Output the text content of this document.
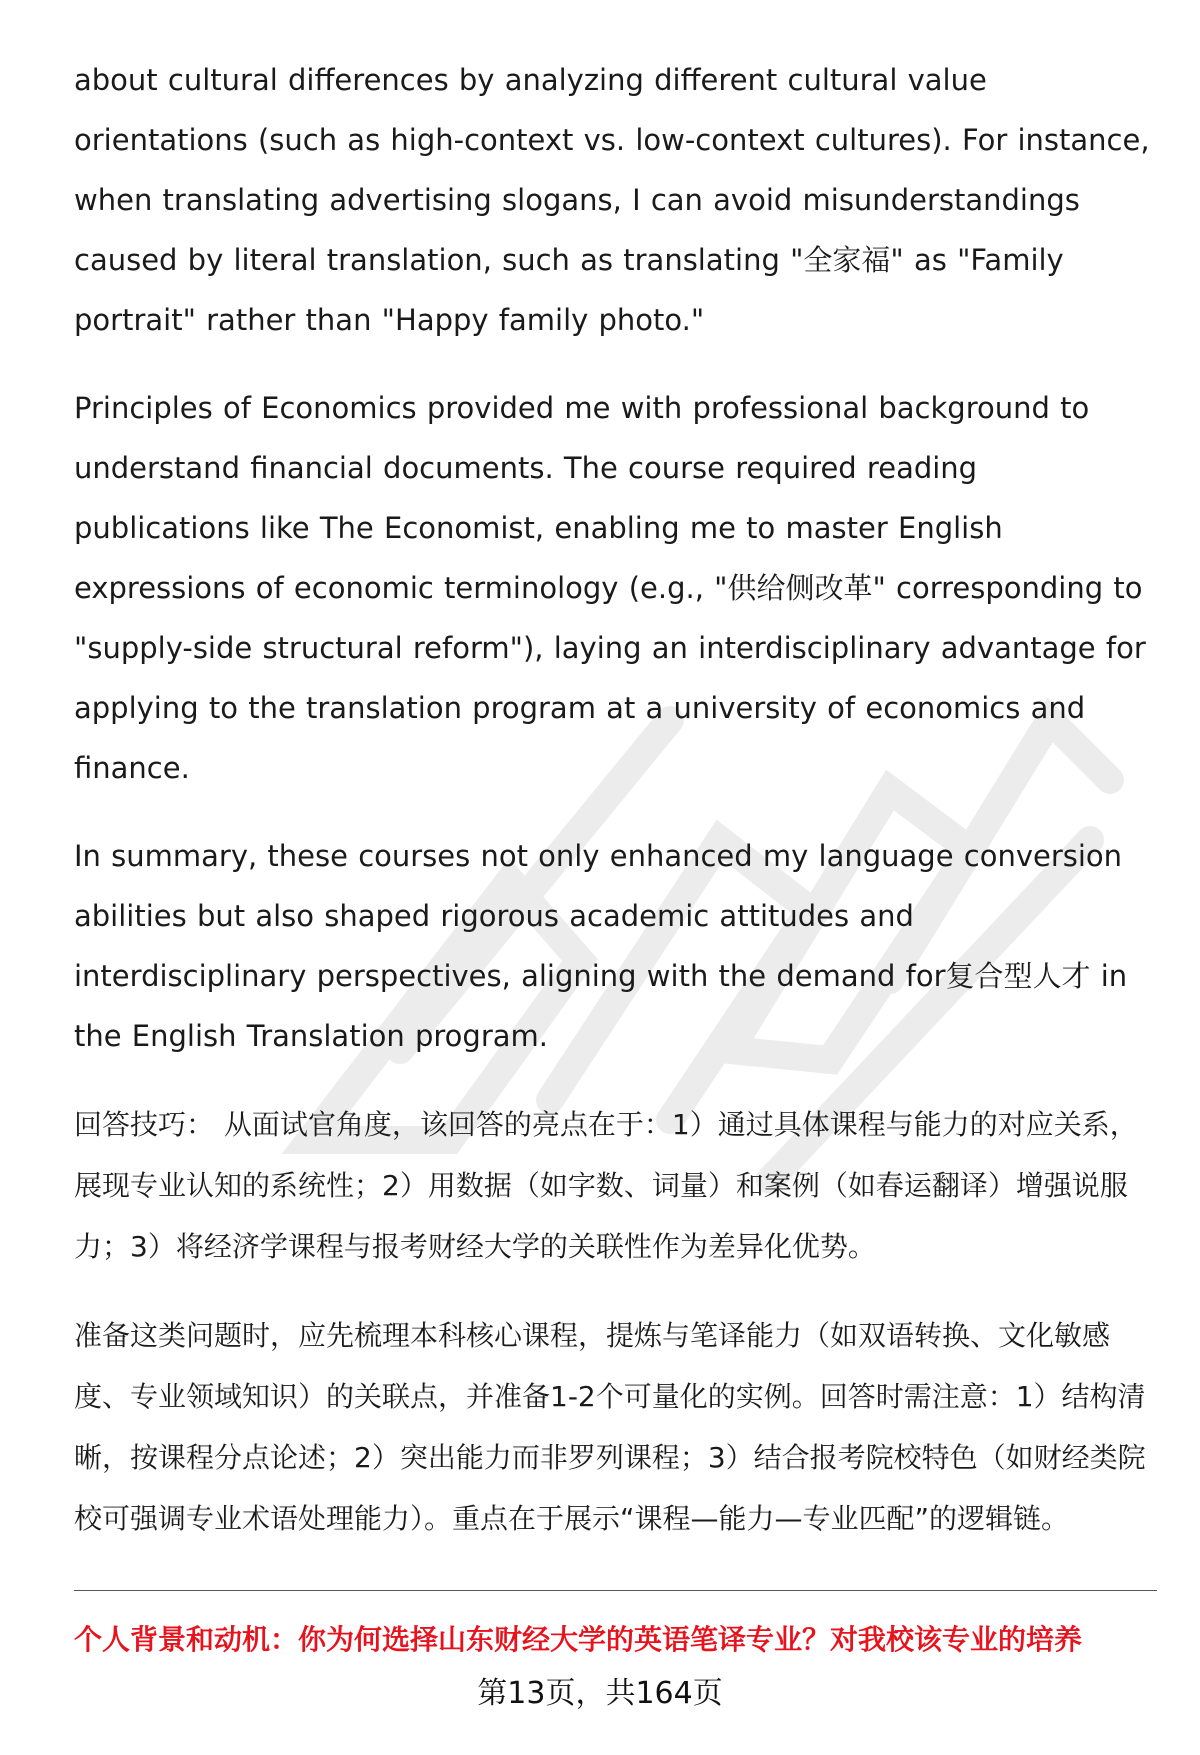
about cultural differences by analyzing different cultural value orientations (such as high-context vs. low-context cultures). For instance, when translating advertising slogans, I can avoid misunderstandings caused by literal translation, such as translating "全家福" as "Family portrait" rather than "Happy family photo."

Principles of Economics provided me with professional background to understand financial documents. The course required reading publications like The Economist, enabling me to master English expressions of economic terminology (e.g., "供给侧改革" corresponding to "supply-side structural reform"), laying an interdisciplinary advantage for applying to the translation program at a university of economics and finance.

In summary, these courses not only enhanced my language conversion abilities but also shaped rigorous academic attitudes and interdisciplinary perspectives, aligning with the demand for复合型人才 in the English Translation program.

回答技巧： 从面试官角度，该回答的亮点在于：1）通过具体课程与能力的对应关系，展现专业认知的系统性；2）用数据（如字数、词量）和案例（如春运翻译）增强说服力；3）将经济学课程与报考财经大学的关联性作为差异化优势。

准备这类问题时，应先梳理本科核心课程，提炼与笔译能力（如双语转换、文化敏感度、专业领域知识）的关联点，并准备1-2个可量化的实例。回答时需注意：1）结构清晰，按课程分点论述；2）突出能力而非罗列课程；3）结合报考院校特色（如财经类院校可强调专业术语处理能力）。重点在于展示“课程—能力—专业匹配”的逻辑链。

个人背景和动机：你为何选择山东财经大学的英语笔译专业？对我校该专业的培养
第13页，共164页
